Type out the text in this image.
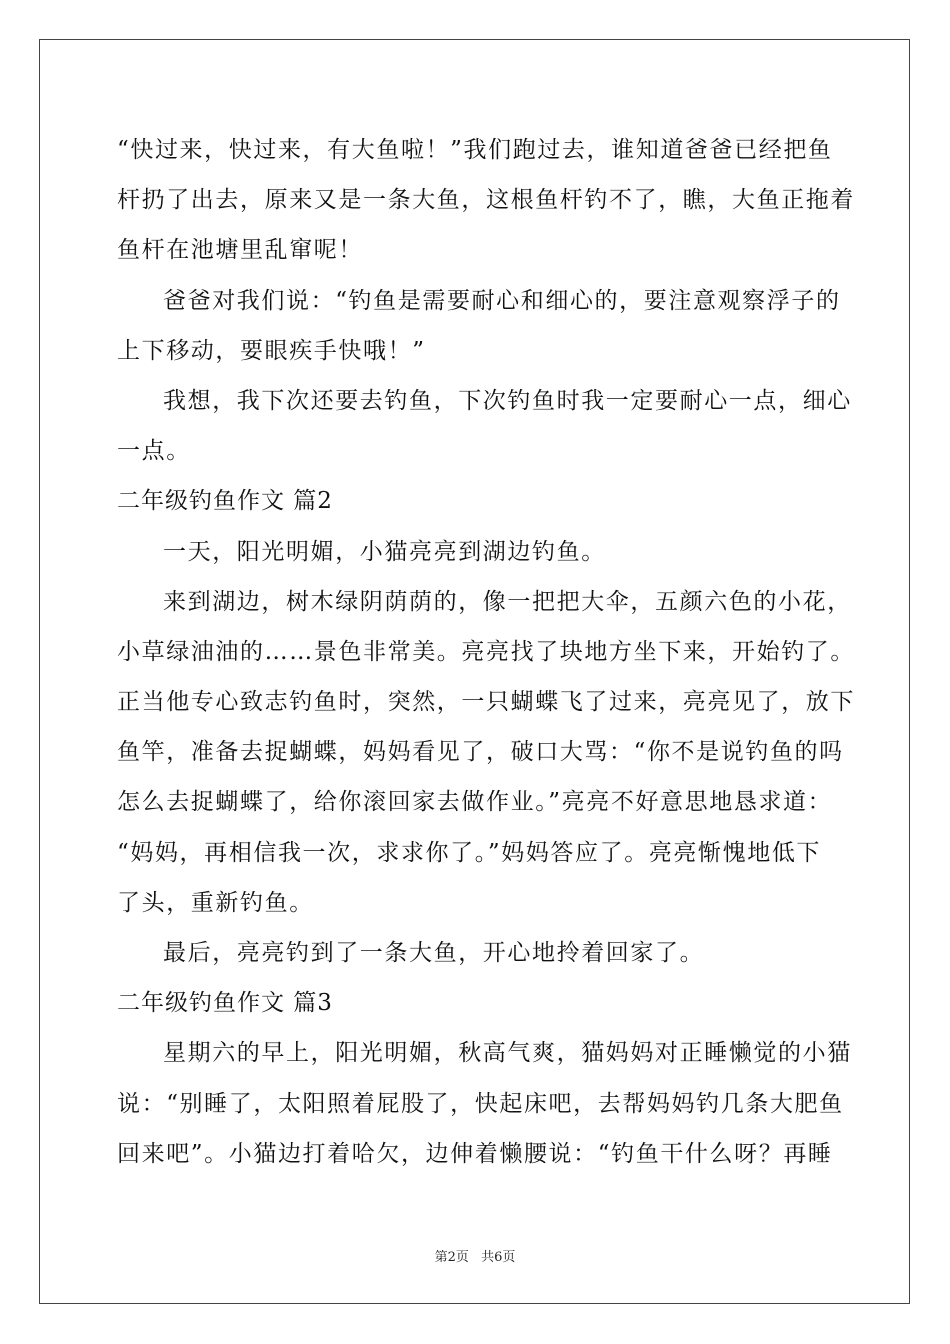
“快过来，快过来，有大鱼啦！”我们跑过去，谁知道爸爸已经把鱼
杆扔了出去，原来又是一条大鱼，这根鱼杆钓不了，瞧，大鱼正拖着
鱼杆在池塘里乱窜呢！
爸爸对我们说：“钓鱼是需要耐心和细心的，要注意观察浮子的
上下移动，要眼疾手快哦！”
我想，我下次还要去钓鱼，下次钓鱼时我一定要耐心一点，细心
一点。
二年级钓鱼作文 篇2
一天，阳光明媚，小猫亮亮到湖边钓鱼。
来到湖边，树木绿阴荫荫的，像一把把大伞，五颜六色的小花，
小草绿油油的……景色非常美。亮亮找了块地方坐下来，开始钓了。
正当他专心致志钓鱼时，突然，一只蝴蝶飞了过来，亮亮见了，放下
鱼竿，准备去捉蝴蝶，妈妈看见了，破口大骂：“你不是说钓鱼的吗
怎么去捉蝴蝶了，给你滚回家去做作业。”亮亮不好意思地恳求道：
“妈妈，再相信我一次，求求你了。”妈妈答应了。亮亮惭愧地低下
了头，重新钓鱼。
最后，亮亮钓到了一条大鱼，开心地拎着回家了。
二年级钓鱼作文 篇3
星期六的早上，阳光明媚，秋高气爽，猫妈妈对正睡懒觉的小猫
说：“别睡了，太阳照着屁股了，快起床吧，去帮妈妈钓几条大肥鱼
回来吧”。小猫边打着哈欠，边伸着懒腰说：“钓鱼干什么呀？再睡
第2页 共6页
